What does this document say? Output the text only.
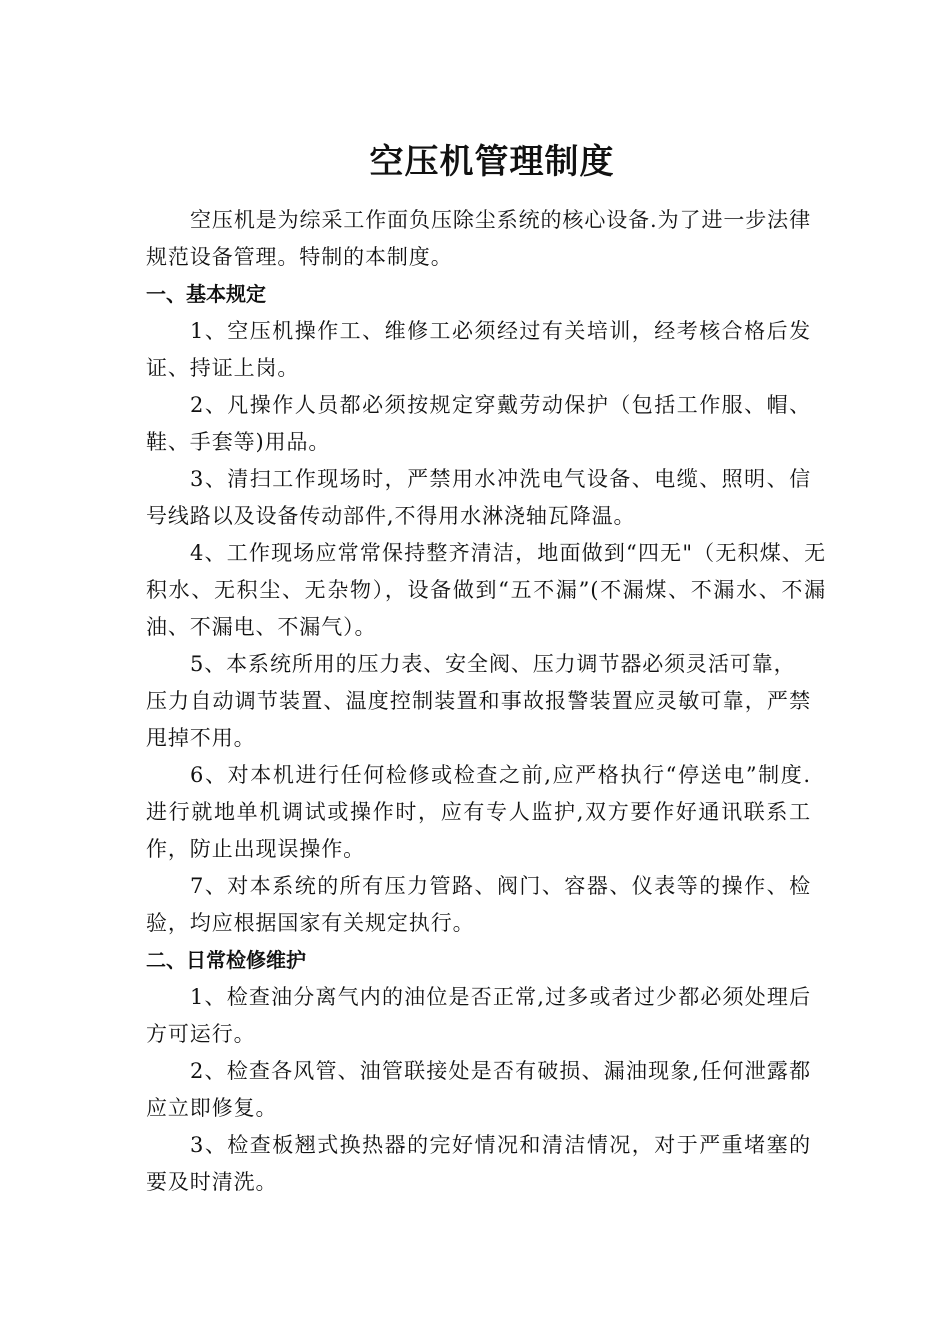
空压机管理制度

空压机是为综采工作面负压除尘系统的核心设备.为了进一步法律规范设备管理。特制的本制度。

一、基本规定

1、空压机操作工、维修工必须经过有关培训，经考核合格后发证、持证上岗。

2、凡操作人员都必须按规定穿戴劳动保护（包括工作服、帽、鞋、手套等)用品。

3、清扫工作现场时，严禁用水冲洗电气设备、电缆、照明、信号线路以及设备传动部件,不得用水淋浇轴瓦降温。

4、工作现场应常常保持整齐清洁，地面做到“四无"（无积煤、无积水、无积尘、无杂物），设备做到“五不漏”(不漏煤、不漏水、不漏油、不漏电、不漏气）。

5、本系统所用的压力表、安全阀、压力调节器必须灵活可靠，

压力自动调节装置、温度控制装置和事故报警装置应灵敏可靠，严禁甩掉不用。

6、对本机进行任何检修或检查之前,应严格执行“停送电”制度.进行就地单机调试或操作时，应有专人监护,双方要作好通讯联系工作，防止出现误操作。

7、对本系统的所有压力管路、阀门、容器、仪表等的操作、检验，均应根据国家有关规定执行。

二、日常检修维护

1、检查油分离气内的油位是否正常,过多或者过少都必须处理后方可运行。

2、检查各风管、油管联接处是否有破损、漏油现象,任何泄露都应立即修复。

3、检查板翘式换热器的完好情况和清洁情况，对于严重堵塞的要及时清洗。
